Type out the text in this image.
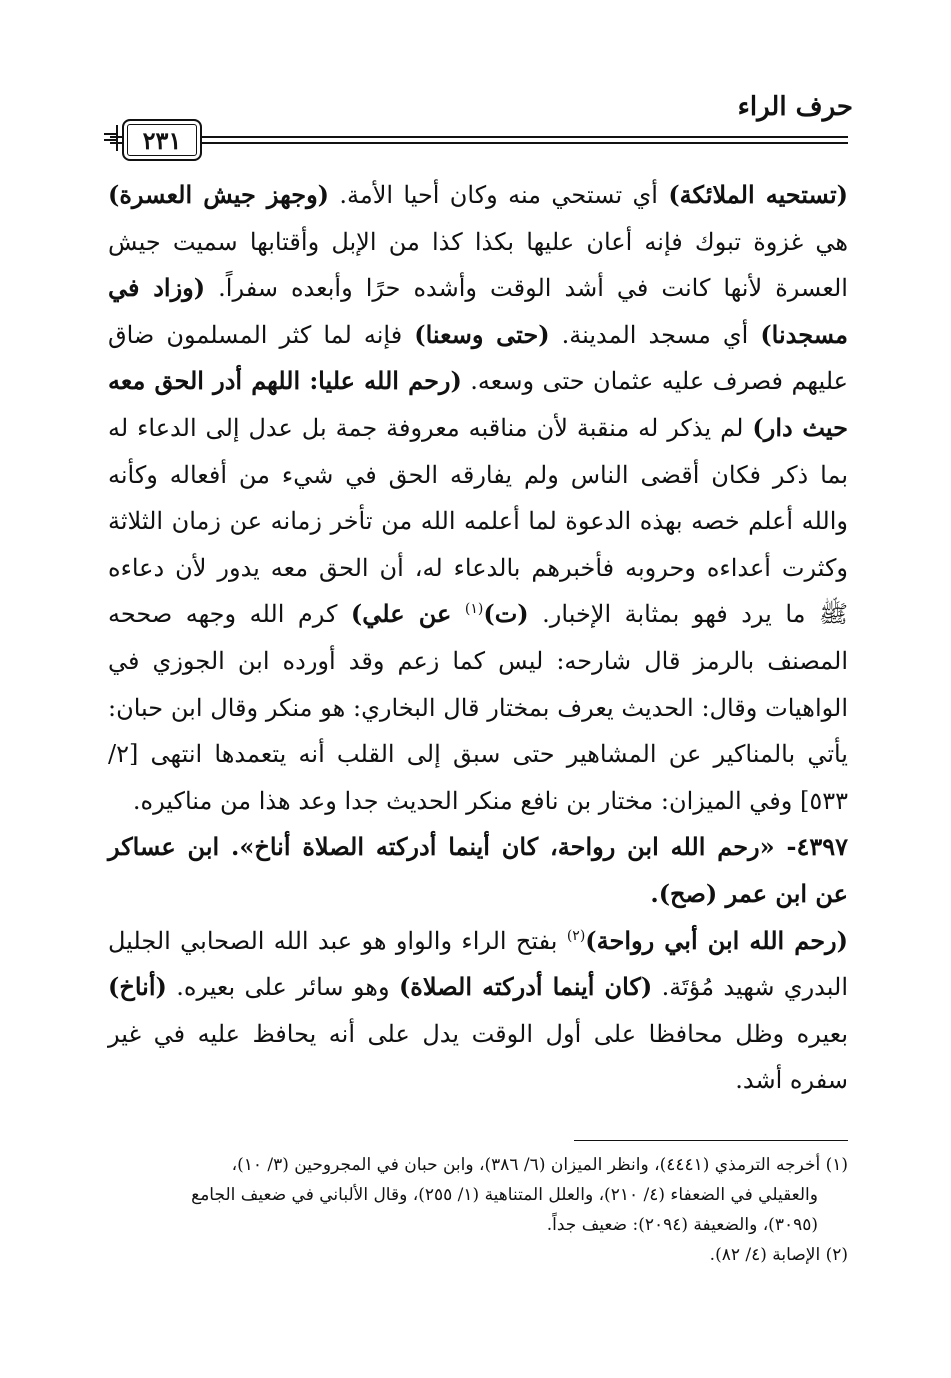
حرف الراء
٢٣١

(تستحيه الملائكة) أي تستحي منه وكان أحيا الأمة. (وجهز جيش العسرة) هي غزوة تبوك فإنه أعان عليها بكذا كذا من الإبل وأقتابها سميت جيش العسرة لأنها كانت في أشد الوقت وأشده حرًا وأبعده سفراً. (وزاد في مسجدنا) أي مسجد المدينة. (حتى وسعنا) فإنه لما كثر المسلمون ضاق عليهم فصرف عليه عثمان حتى وسعه. (رحم الله عليا: اللهم أدر الحق معه حيث دار) لم يذكر له منقبة لأن مناقبه معروفة جمة بل عدل إلى الدعاء له بما ذكر فكان أقضى الناس ولم يفارقه الحق في شيء من أفعاله وكأنه والله أعلم خصه بهذه الدعوة لما أعلمه الله من تأخر زمانه عن زمان الثلاثة وكثرت أعداءه وحروبه فأخبرهم بالدعاء له، أن الحق معه يدور لأن دعاءه ﷺ ما يرد فهو بمثابة الإخبار. (ت)$^{(١)}$ عن علي) كرم الله وجهه صححه المصنف بالرمز قال شارحه: ليس كما زعم وقد أورده ابن الجوزي في الواهيات وقال: الحديث يعرف بمختار قال البخاري: هو منكر وقال ابن حبان: يأتي بالمناكير عن المشاهير حتى سبق إلى القلب أنه يتعمدها انتهى [٢/ ٥٣٣] وفي الميزان: مختار بن نافع منكر الحديث جدا وعد هذا من مناكيره.

٤٣٩٧- «رحم الله ابن رواحة، كان أينما أدركته الصلاة أناخ». ابن عساكر عن ابن عمر (صح).

(رحم الله ابن أبي رواحة)$^{(٢)}$ بفتح الراء والواو هو عبد الله الصحابي الجليل البدري شهيد مُؤتَة. (كان أينما أدركته الصلاة) وهو سائر على بعيره. (أناخ) بعيره وظل محافظا على أول الوقت يدل على أنه يحافظ عليه في غير سفره أشد.

(١) أخرجه الترمذي (٤٤٤١)، وانظر الميزان (٦/ ٣٨٦)، وابن حبان في المجروحين (٣/ ١٠)،

والعقيلي في الضعفاء (٤/ ٢١٠)، والعلل المتناهية (١/ ٢٥٥)، وقال الألباني في ضعيف الجامع

(٣٠٩٥)، والضعيفة (٢٠٩٤): ضعيف جداً.

(٢) الإصابة (٤/ ٨٢).
